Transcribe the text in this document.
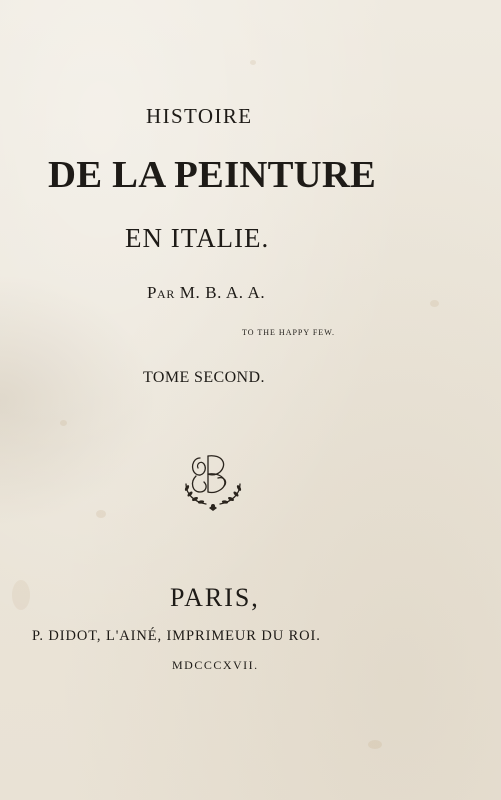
HISTOIRE
DE LA PEINTURE
EN ITALIE.
Par M. B. A. A.
TO THE HAPPY FEW.
TOME SECOND.
PARIS,
P. DIDOT, L'AINÉ, IMPRIMEUR DU ROI.
MDCCCXVII.
